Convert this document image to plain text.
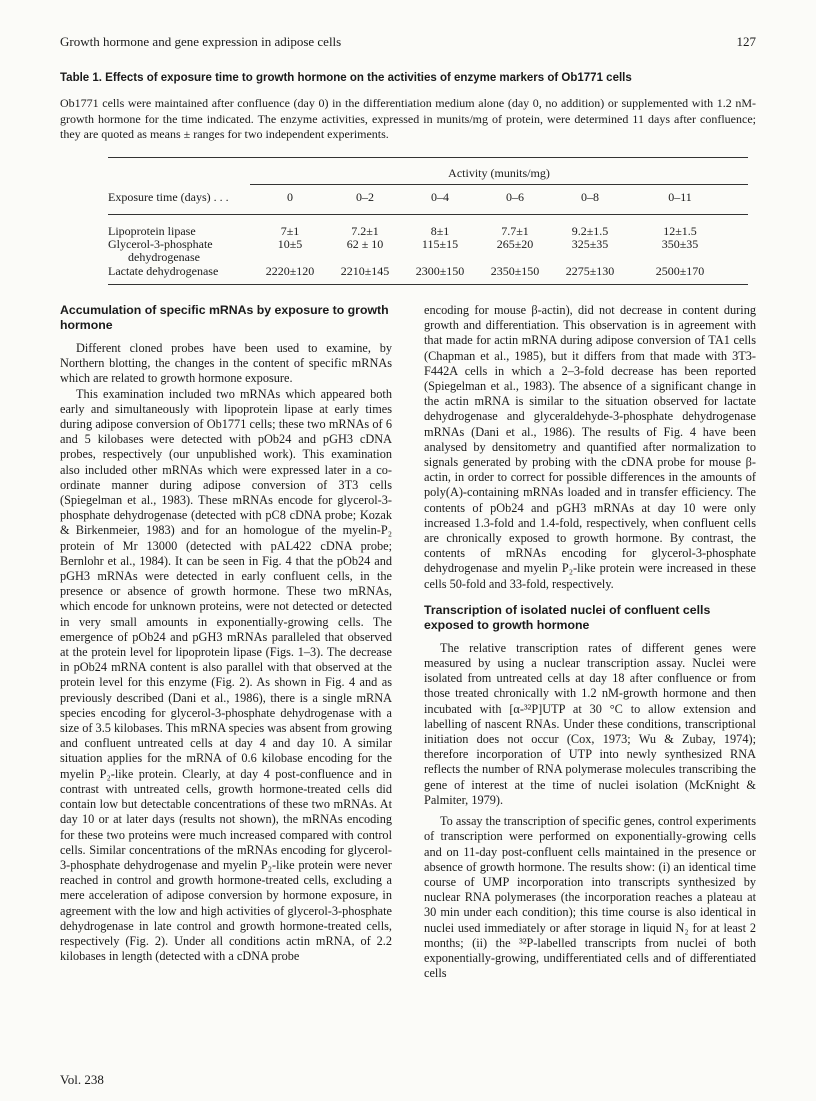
Growth hormone and gene expression in adipose cells	127
Table 1. Effects of exposure time to growth hormone on the activities of enzyme markers of Ob1771 cells
Ob1771 cells were maintained after confluence (day 0) in the differentiation medium alone (day 0, no addition) or supplemented with 1.2 nM-growth hormone for the time indicated. The enzyme activities, expressed in munits/mg of protein, were determined 11 days after confluence; they are quoted as means ± ranges for two independent experiments.
Activity (munits/mg)
Exposure time (days) . . .	0	0–2	0–4	0–6	0–8	0–11
Lipoprotein lipase	7±1	7.2±1	8±1	7.7±1	9.2±1.5	12±1.5
Glycerol-3-phosphate	10±5	62 ± 10	115±15	265±20	325±35	350±35
dehydrogenase
Lactate dehydrogenase	2220±120	2210±145	2300±150	2350±150	2275±130	2500±170
Accumulation of specific mRNAs by exposure to growth hormone

Different cloned probes have been used to examine, by Northern blotting, the changes in the content of specific mRNAs which are related to growth hormone exposure.

This examination included two mRNAs which appeared both early and simultaneously with lipoprotein lipase at early times during adipose conversion of Ob1771 cells; these two mRNAs of 6 and 5 kilobases were detected with pOb24 and pGH3 cDNA probes, respectively (our unpublished work). This examination also included other mRNAs which were expressed later in a co-ordinate manner during adipose conversion of 3T3 cells (Spiegelman et al., 1983). These mRNAs encode for glycerol-3-phosphate dehydrogenase (detected with pC8 cDNA probe; Kozak & Birkenmeier, 1983) and for an homologue of the myelin-P₂ protein of Mr 13000 (detected with pAL422 cDNA probe; Bernlohr et al., 1984). It can be seen in Fig. 4 that the pOb24 and pGH3 mRNAs were detected in early confluent cells, in the presence or absence of growth hormone. These two mRNAs, which encode for unknown proteins, were not detected or detected in very small amounts in exponentially-growing cells. The emergence of pOb24 and pGH3 mRNAs paralleled that observed at the protein level for lipoprotein lipase (Figs. 1–3). The decrease in pOb24 mRNA content is also parallel with that observed at the protein level for this enzyme (Fig. 2). As shown in Fig. 4 and as previously described (Dani et al., 1986), there is a single mRNA species encoding for glycerol-3-phosphate dehydrogenase with a size of 3.5 kilobases. This mRNA species was absent from growing and confluent untreated cells at day 4 and day 10. A similar situation applies for the mRNA of 0.6 kilobase encoding for the myelin P₂-like protein. Clearly, at day 4 post-confluence and in contrast with untreated cells, growth hormone-treated cells did contain low but detectable concentrations of these two mRNAs. At day 10 or at later days (results not shown), the mRNAs encoding for these two proteins were much increased compared with control cells. Similar concentrations of the mRNAs encoding for glycerol-3-phosphate dehydrogenase and myelin P₂-like protein were never reached in control and growth hormone-treated cells, excluding a mere acceleration of adipose conversion by hormone exposure, in agreement with the low and high activities of glycerol-3-phosphate dehydrogenase in late control and growth hormone-treated cells, respectively (Fig. 2). Under all conditions actin mRNA, of 2.2 kilobases in length (detected with a cDNA probe

encoding for mouse β-actin), did not decrease in content during growth and differentiation. This observation is in agreement with that made for actin mRNA during adipose conversion of TA1 cells (Chapman et al., 1985), but it differs from that made with 3T3-F442A cells in which a 2–3-fold decrease has been reported (Spiegelman et al., 1983). The absence of a significant change in the actin mRNA is similar to the situation observed for lactate dehydrogenase and glyceraldehyde-3-phosphate dehydrogenase mRNAs (Dani et al., 1986). The results of Fig. 4 have been analysed by densitometry and quantified after normalization to signals generated by probing with the cDNA probe for mouse β-actin, in order to correct for possible differences in the amounts of poly(A)-containing mRNAs loaded and in transfer efficiency. The contents of pOb24 and pGH3 mRNAs at day 10 were only increased 1.3-fold and 1.4-fold, respectively, when confluent cells are chronically exposed to growth hormone. By contrast, the contents of mRNAs encoding for glycerol-3-phosphate dehydrogenase and myelin P₂-like protein were increased in these cells 50-fold and 33-fold, respectively.

Transcription of isolated nuclei of confluent cells exposed to growth hormone

The relative transcription rates of different genes were measured by using a nuclear transcription assay. Nuclei were isolated from untreated cells at day 18 after confluence or from those treated chronically with 1.2 nM-growth hormone and then incubated with [α-³²P]UTP at 30 °C to allow extension and labelling of nascent RNAs. Under these conditions, transcriptional initiation does not occur (Cox, 1973; Wu & Zubay, 1974); therefore incorporation of UTP into newly synthesized RNA reflects the number of RNA polymerase molecules transcribing the gene of interest at the time of nuclei isolation (McKnight & Palmiter, 1979).

To assay the transcription of specific genes, control experiments of transcription were performed on exponentially-growing cells and on 11-day post-confluent cells maintained in the presence or absence of growth hormone. The results show: (i) an identical time course of UMP incorporation into transcripts synthesized by nuclear RNA polymerases (the incorporation reaches a plateau at 30 min under each condition); this time course is also identical in nuclei used immediately or after storage in liquid N₂ for at least 2 months; (ii) the ³²P-labelled transcripts from nuclei of both exponentially-growing, undifferentiated cells and of differentiated cells

Vol. 238
